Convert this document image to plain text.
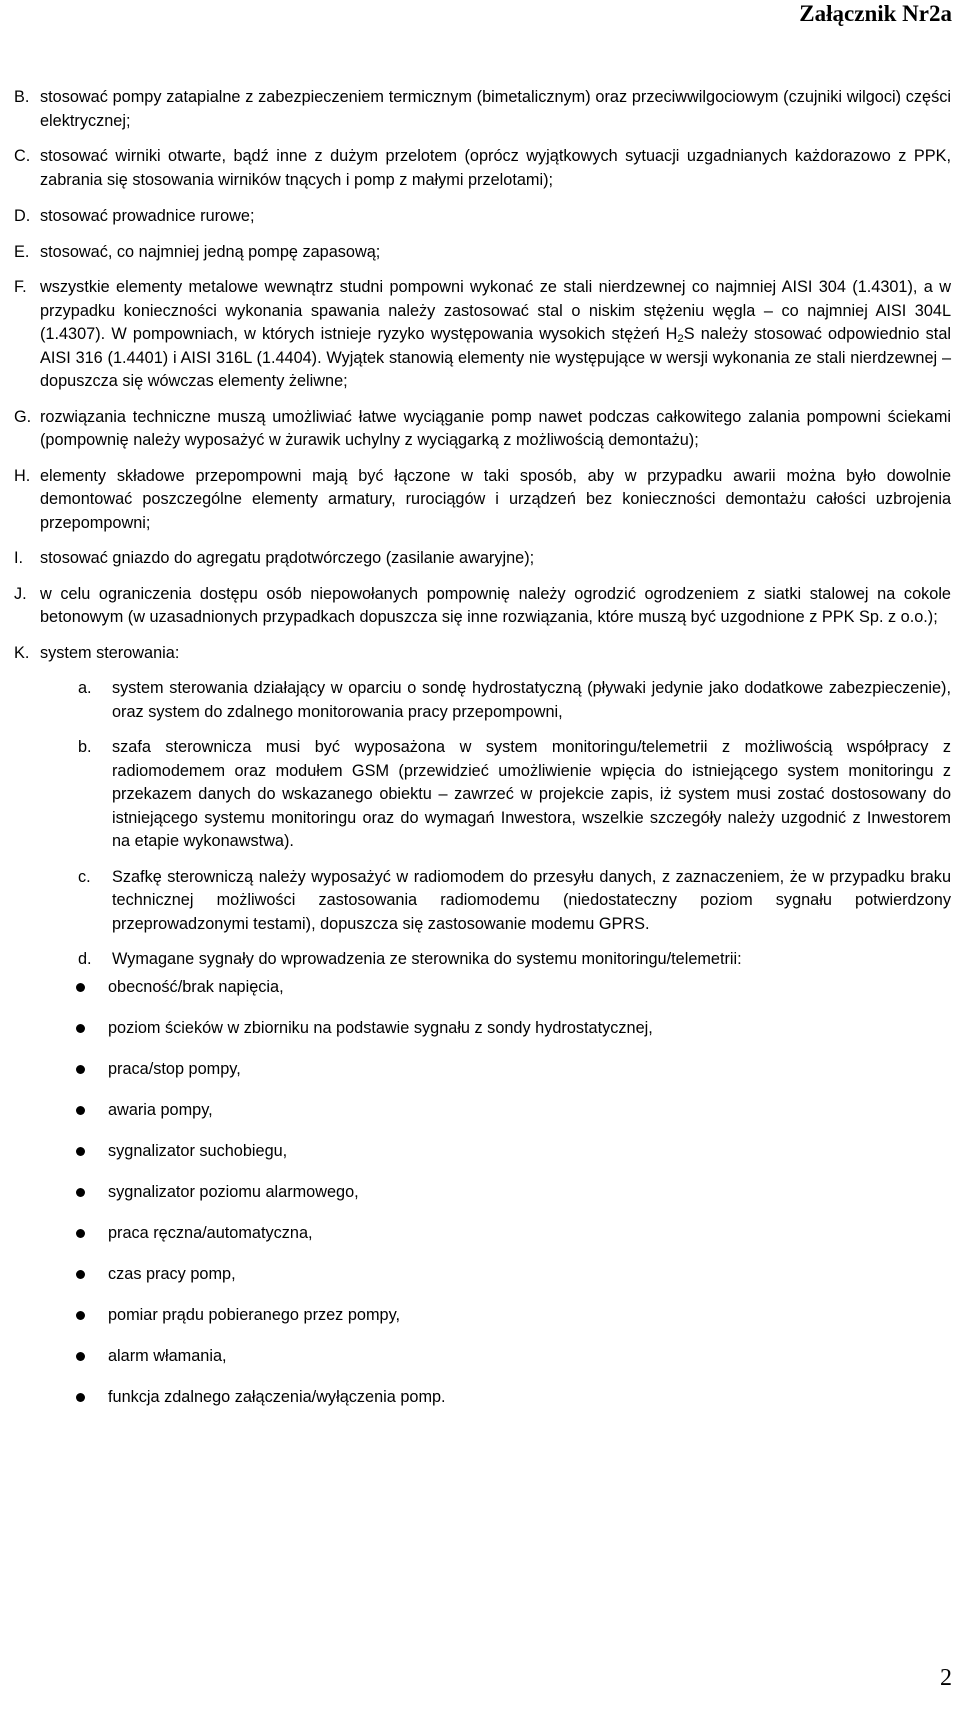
Załącznik Nr2a
B. stosować pompy zatapialne z zabezpieczeniem termicznym (bimetalicznym) oraz przeciwwilgociowym (czujniki wilgoci) części elektrycznej;
C. stosować wirniki otwarte, bądź inne z dużym przelotem (oprócz wyjątkowych sytuacji uzgadnianych każdorazowo z PPK, zabrania się stosowania wirników tnących i pomp z małymi przelotami);
D. stosować prowadnice rurowe;
E. stosować, co najmniej jedną pompę zapasową;
F. wszystkie elementy metalowe wewnątrz studni pompowni wykonać ze stali nierdzewnej co najmniej AISI 304 (1.4301), a w przypadku konieczności wykonania spawania należy zastosować stal o niskim stężeniu węgla – co najmniej AISI 304L (1.4307). W pompowniach, w których istnieje ryzyko występowania wysokich stężeń $H_2S$ należy stosować odpowiednio stal AISI 316 (1.4401) i AISI 316L (1.4404). Wyjątek stanowią elementy nie występujące w wersji wykonania ze stali nierdzewnej – dopuszcza się wówczas elementy żeliwne;
G. rozwiązania techniczne muszą umożliwiać łatwe wyciąganie pomp nawet podczas całkowitego zalania pompowni ściekami (pompownię należy wyposażyć w żurawik uchylny z wyciągarką z możliwością demontażu);
H. elementy składowe przepompowni mają być łączone w taki sposób, aby w przypadku awarii można było dowolnie demontować poszczególne elementy armatury, rurociągów i urządzeń bez konieczności demontażu całości uzbrojenia przepompowni;
I. stosować gniazdo do agregatu prądotwórczego (zasilanie awaryjne);
J. w celu ograniczenia dostępu osób niepowołanych pompownię należy ogrodzić ogrodzeniem z siatki stalowej na cokole betonowym (w uzasadnionych przypadkach dopuszcza się inne rozwiązania, które muszą być uzgodnione z PPK Sp. z o.o.);
K. system sterowania:
a. system sterowania działający w oparciu o sondę hydrostatyczną (pływaki jedynie jako dodatkowe zabezpieczenie), oraz system do zdalnego monitorowania pracy przepompowni,
b. szafa sterownicza musi być wyposażona w system monitoringu/telemetrii z możliwością współpracy z radiomodemem oraz modułem GSM (przewidzieć umożliwienie wpięcia do istniejącego system monitoringu z przekazem danych do wskazanego obiektu – zawrzeć w projekcie zapis, iż system musi zostać dostosowany do istniejącego systemu monitoringu oraz do wymagań Inwestora, wszelkie szczegóły należy uzgodnić z Inwestorem na etapie wykonawstwa).
c. Szafkę sterowniczą należy wyposażyć w radiomodem do przesyłu danych, z zaznaczeniem, że w przypadku braku technicznej możliwości zastosowania radiomodemu (niedostateczny poziom sygnału potwierdzony przeprowadzonymi testami), dopuszcza się zastosowanie modemu GPRS.
d. Wymagane sygnały do wprowadzenia ze sterownika do systemu monitoringu/telemetrii:
obecność/brak napięcia,
poziom ścieków w zbiorniku na podstawie sygnału z sondy hydrostatycznej,
praca/stop pompy,
awaria pompy,
sygnalizator suchobiegu,
sygnalizator poziomu alarmowego,
praca ręczna/automatyczna,
czas pracy pomp,
pomiar prądu pobieranego przez pompy,
alarm włamania,
funkcja zdalnego załączenia/wyłączenia pomp.
2
